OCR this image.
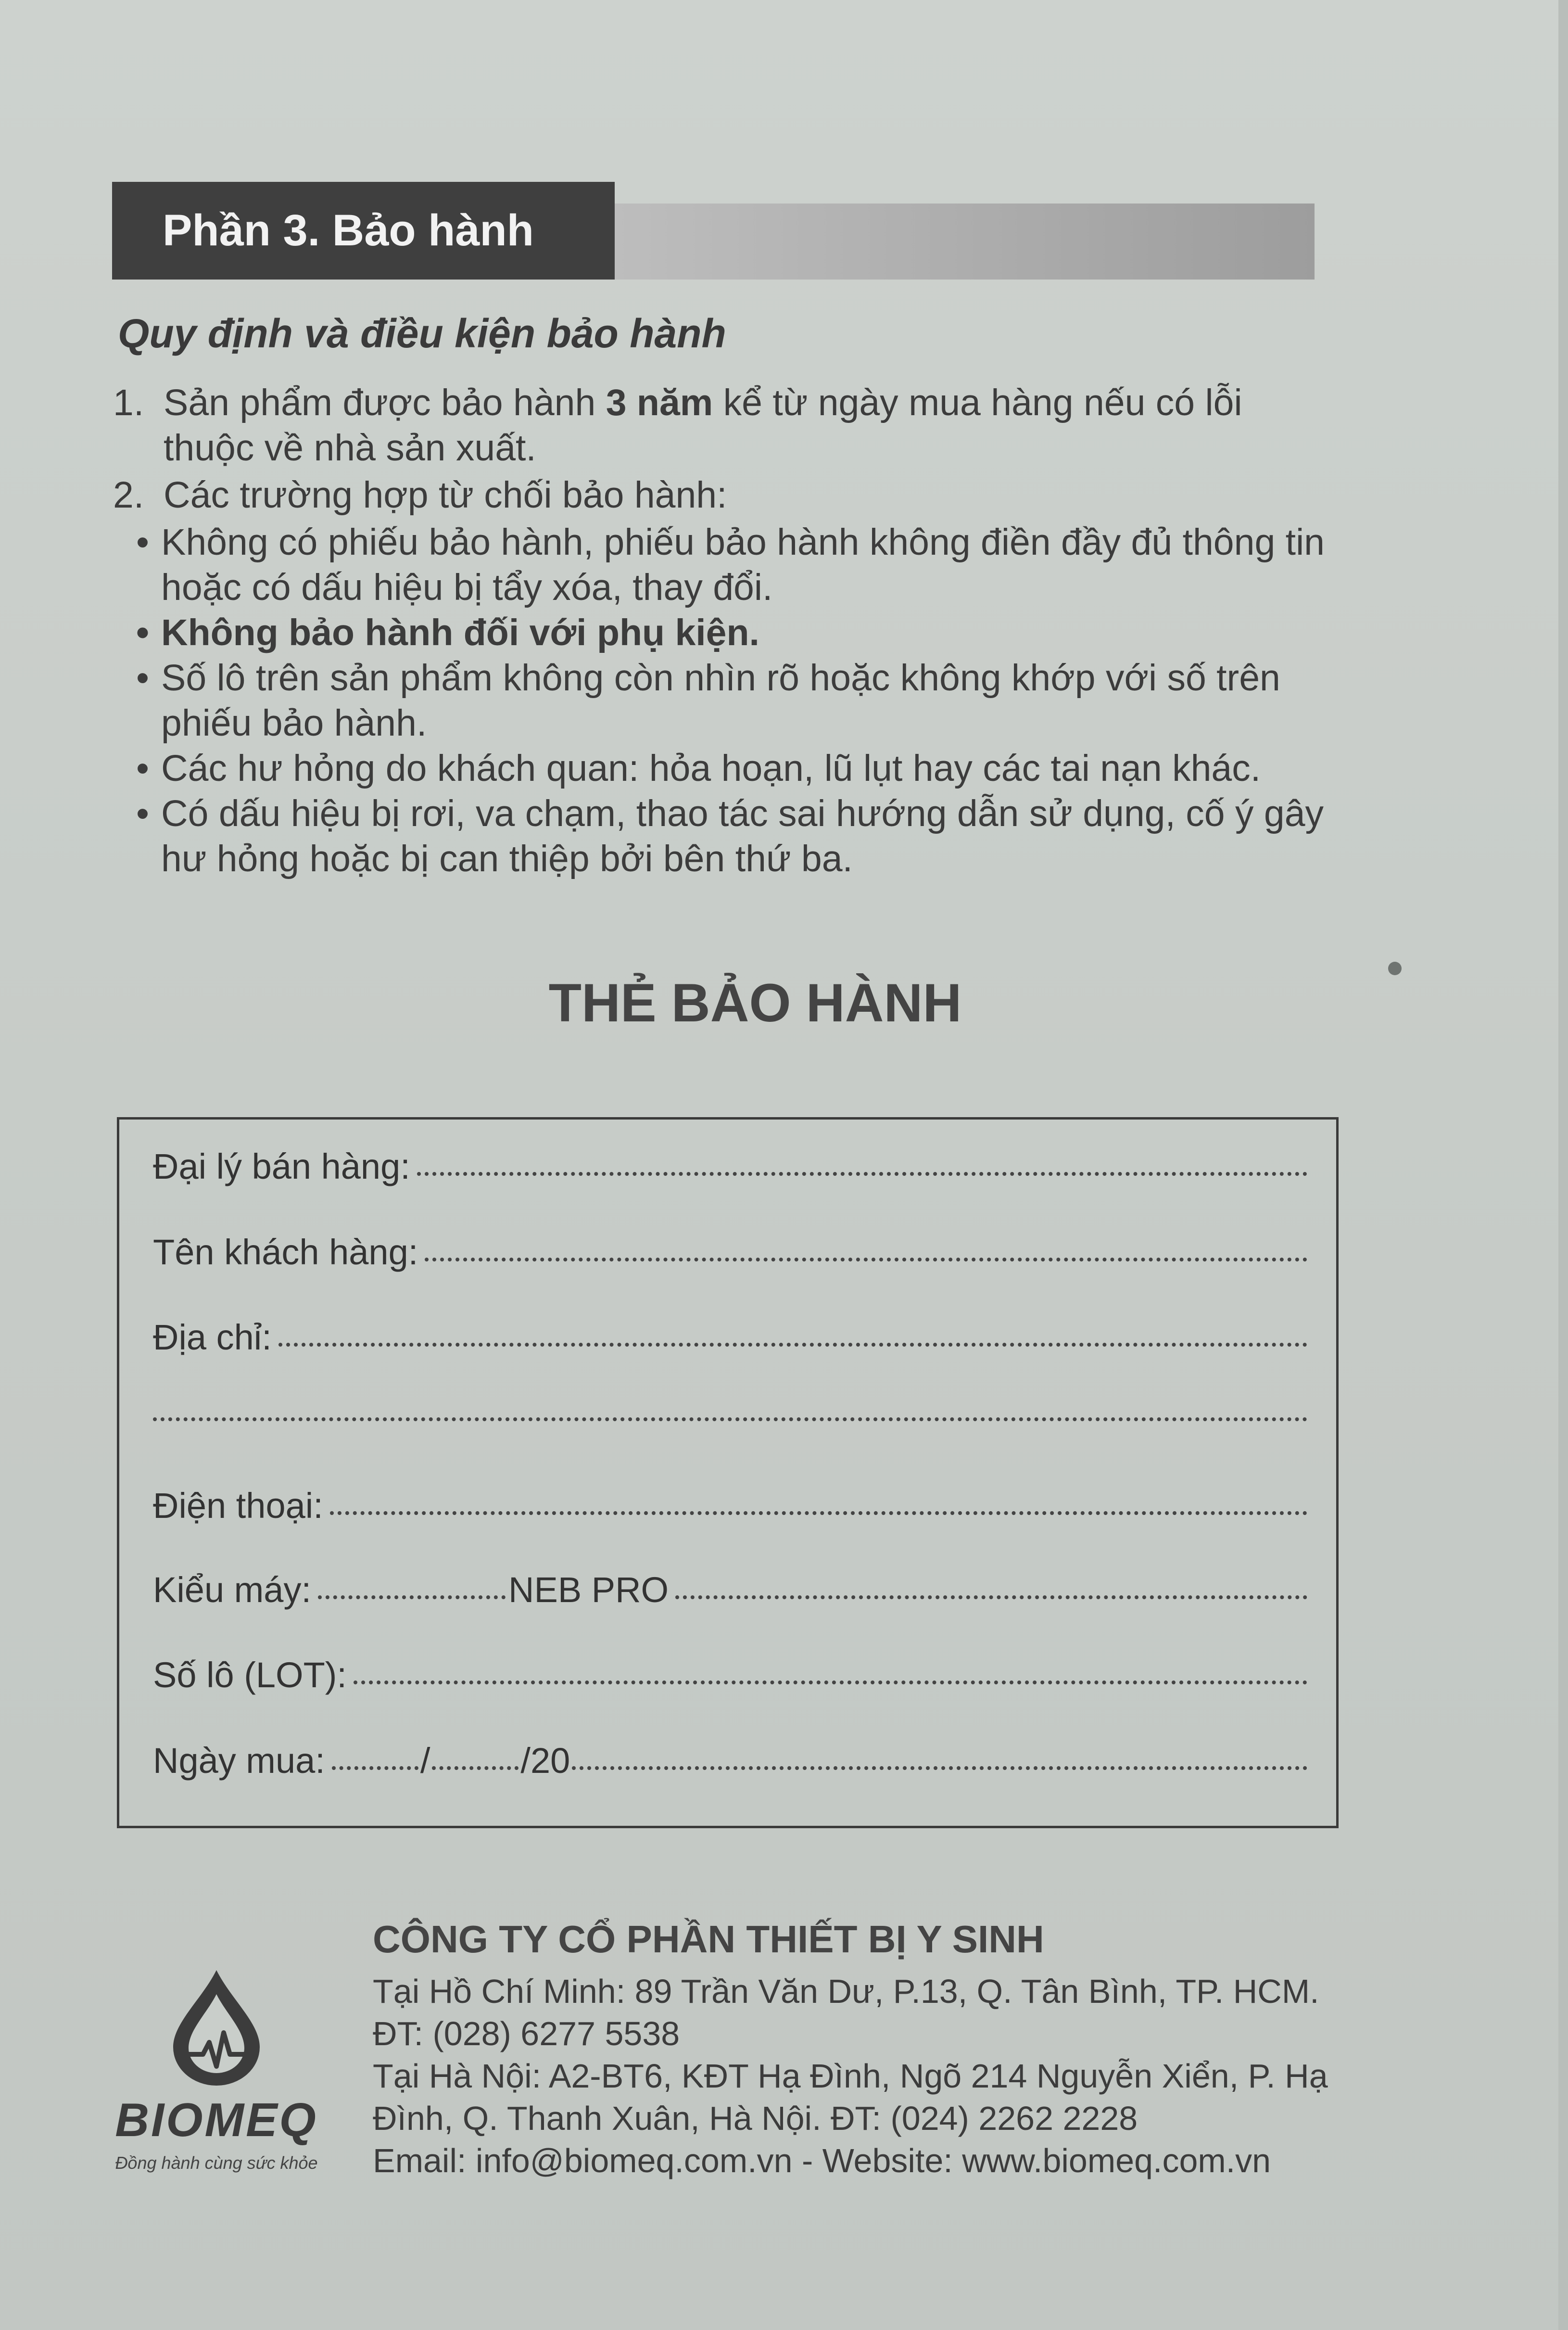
Phần 3. Bảo hành
Quy định và điều kiện bảo hành
1. Sản phẩm được bảo hành 3 năm kể từ ngày mua hàng nếu có lỗi thuộc về nhà sản xuất.
2. Các trường hợp từ chối bảo hành:
• Không có phiếu bảo hành, phiếu bảo hành không điền đầy đủ thông tin hoặc có dấu hiệu bị tẩy xóa, thay đổi.
• Không bảo hành đối với phụ kiện.
• Số lô trên sản phẩm không còn nhìn rõ hoặc không khớp với số trên phiếu bảo hành.
• Các hư hỏng do khách quan: hỏa hoạn, lũ lụt hay các tai nạn khác.
• Có dấu hiệu bị rơi, va chạm, thao tác sai hướng dẫn sử dụng, cố ý gây hư hỏng hoặc bị can thiệp bởi bên thứ ba.
THẺ BẢO HÀNH
Đại lý bán hàng:
Tên khách hàng:
Địa chỉ:
Điện thoại:
Kiểu máy:	NEB PRO
Số lô (LOT):
Ngày mua:	/	/20
BIOMEQ
Đồng hành cùng sức khỏe
CÔNG TY CỔ PHẦN THIẾT BỊ Y SINH
Tại Hồ Chí Minh: 89 Trần Văn Dư, P.13, Q. Tân Bình, TP. HCM.
ĐT: (028) 6277 5538
Tại Hà Nội: A2-BT6, KĐT Hạ Đình, Ngõ 214 Nguyễn Xiển, P. Hạ
Đình, Q. Thanh Xuân, Hà Nội. ĐT: (024) 2262 2228
Email: info@biomeq.com.vn - Website: www.biomeq.com.vn
